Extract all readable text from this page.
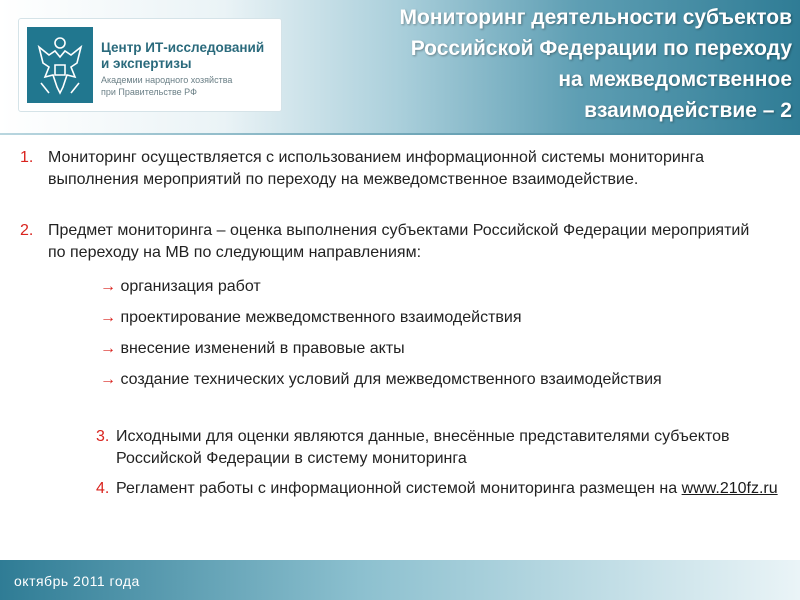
Центр ИТ-исследований
и экспертизы
Академии народного хозяйства
при Правительстве РФ
Мониторинг деятельности субъектов
Российской Федерации по переходу
на межведомственное
взаимодействие – 2
1. Мониторинг осуществляется с использованием информационной системы мониторинга выполнения мероприятий по переходу на межведомственное взаимодействие.
2. Предмет мониторинга – оценка выполнения субъектами Российской Федерации мероприятий по переходу на МВ по следующим направлениям:
→ организация работ
→ проектирование межведомственного взаимодействия
→ внесение изменений в правовые акты
→ создание технических условий для межведомственного взаимодействия
3. Исходными для оценки являются данные, внесённые представителями субъектов Российской Федерации в систему мониторинга
4. Регламент работы с информационной системой мониторинга размещен на www.210fz.ru
октябрь 2011 года
